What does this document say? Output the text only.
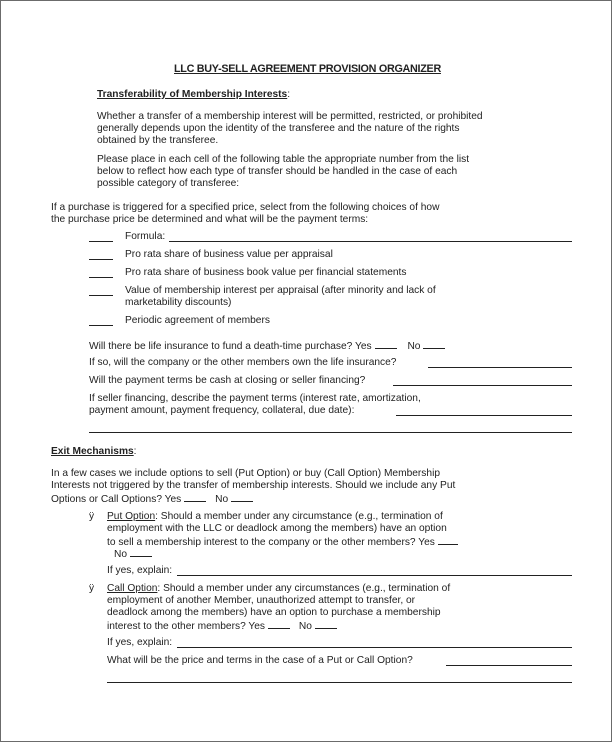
LLC BUY-SELL AGREEMENT PROVISION ORGANIZER
Transferability of Membership Interests:
Whether a transfer of a membership interest will be permitted, restricted, or prohibited
generally depends upon the identity of the transferee and the nature of the rights
obtained by the transferee.
Please place in each cell of the following table the appropriate number from the list
below to reflect how each type of transfer should be handled in the case of each
possible category of transferee:
If a purchase is triggered for a specified price, select from the following choices of how
the purchase price be determined and what will be the payment terms:
Formula:
Pro rata share of business value per appraisal
Pro rata share of business book value per financial statements
Value of membership interest per appraisal (after minority and lack of
marketability discounts)
Periodic agreement of members
Will there be life insurance to fund a death-time purchase? Yes	No
If so, will the company or the other members own the life insurance?
Will the payment terms be cash at closing or seller financing?
If seller financing, describe the payment terms (interest rate, amortization,
payment amount, payment frequency, collateral, due date):
Exit Mechanisms:
In a few cases we include options to sell (Put Option) or buy (Call Option) Membership
Interests not triggered by the transfer of membership interests. Should we include any Put
Options or Call Options? Yes	No
ÿ Put Option: Should a member under any circumstance (e.g., termination of
employment with the LLC or deadlock among the members) have an option
to sell a membership interest to the company or the other members? Yes
No
If yes, explain:
ÿ Call Option: Should a member under any circumstances (e.g., termination of
employment of another Member, unauthorized attempt to transfer, or
deadlock among the members) have an option to purchase a membership
interest to the other members? Yes	No
If yes, explain:
What will be the price and terms in the case of a Put or Call Option?
